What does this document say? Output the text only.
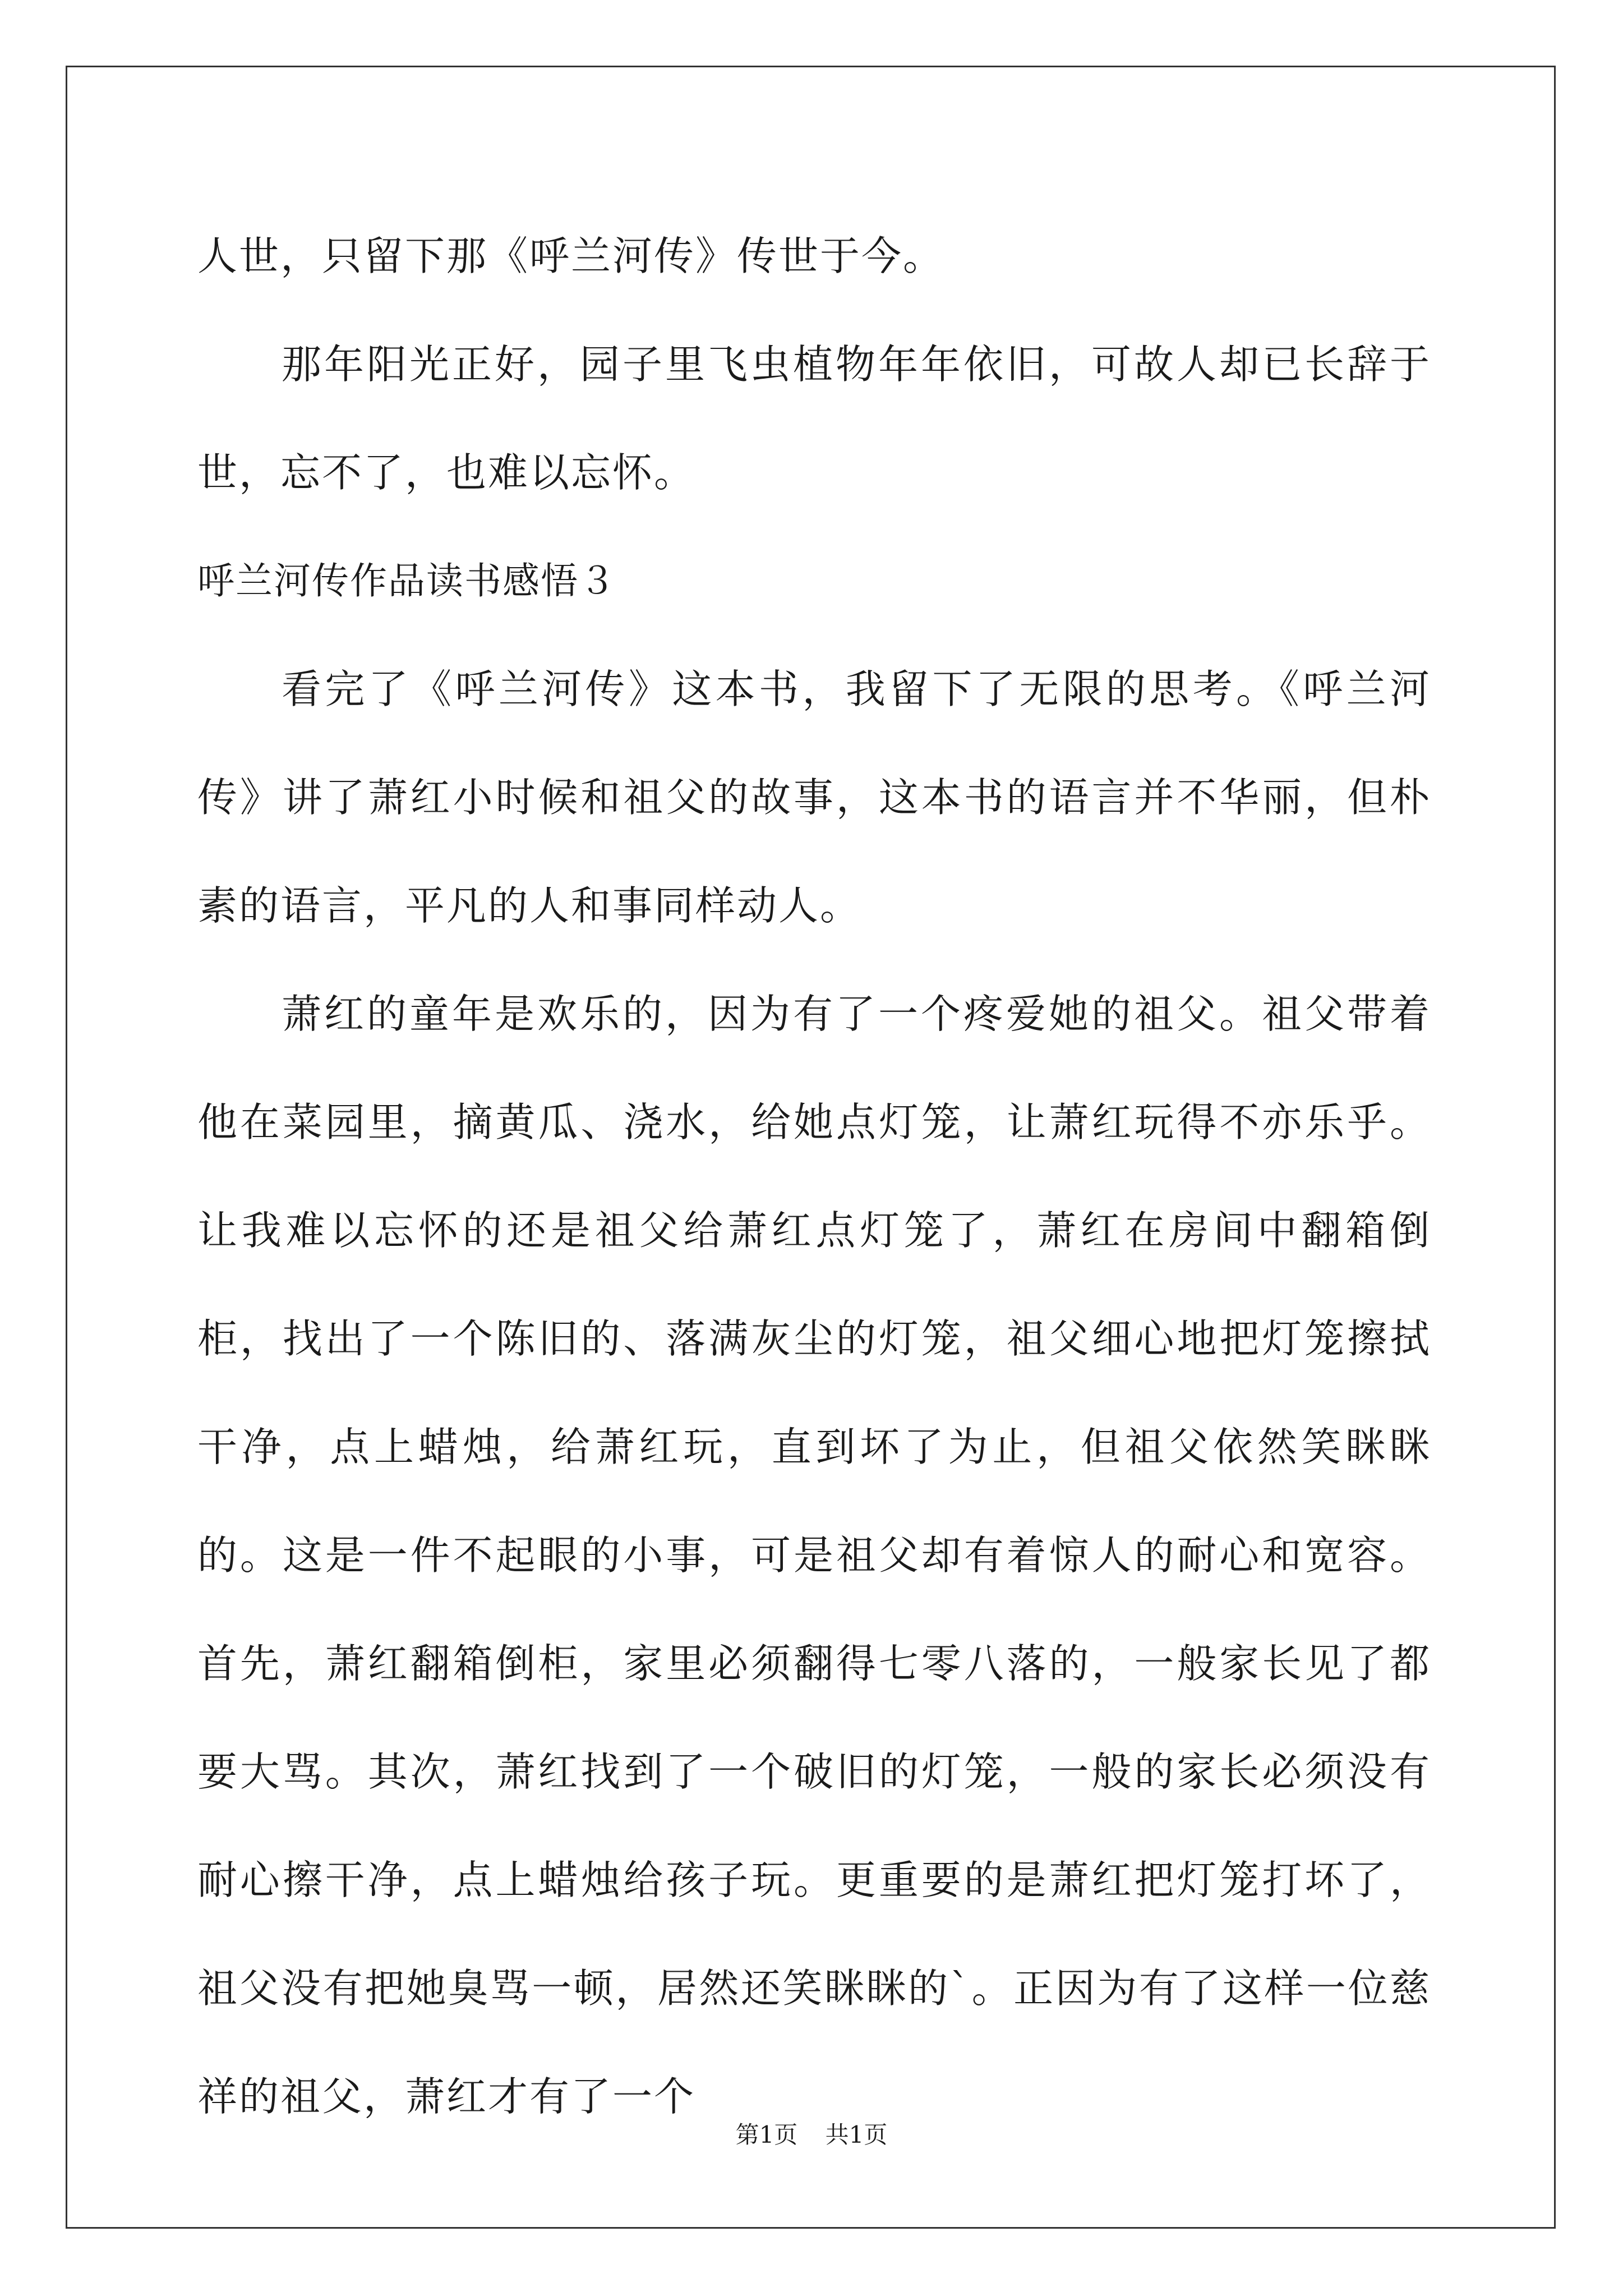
人世，只留下那《呼兰河传》传世于今。

那年阳光正好，园子里飞虫植物年年依旧，可故人却已长辞于世，忘不了，也难以忘怀。

呼兰河传作品读书感悟３

看完了《呼兰河传》这本书，我留下了无限的思考。《呼兰河传》讲了萧红小时候和祖父的故事，这本书的语言并不华丽，但朴素的语言，平凡的人和事同样动人。

萧红的童年是欢乐的，因为有了一个疼爱她的祖父。祖父带着他在菜园里，摘黄瓜、浇水，给她点灯笼，让萧红玩得不亦乐乎。让我难以忘怀的还是祖父给萧红点灯笼了，萧红在房间中翻箱倒柜，找出了一个陈旧的、落满灰尘的灯笼，祖父细心地把灯笼擦拭干净，点上蜡烛，给萧红玩，直到坏了为止，但祖父依然笑眯眯的。这是一件不起眼的小事，可是祖父却有着惊人的耐心和宽容。首先，萧红翻箱倒柜，家里必须翻得七零八落的，一般家长见了都要大骂。其次，萧红找到了一个破旧的灯笼，一般的家长必须没有耐心擦干净，点上蜡烛给孩子玩。更重要的是萧红把灯笼打坏了，祖父没有把她臭骂一顿，居然还笑眯眯的`。正因为有了这样一位慈祥的祖父，萧红才有了一个

第1页 共1页
